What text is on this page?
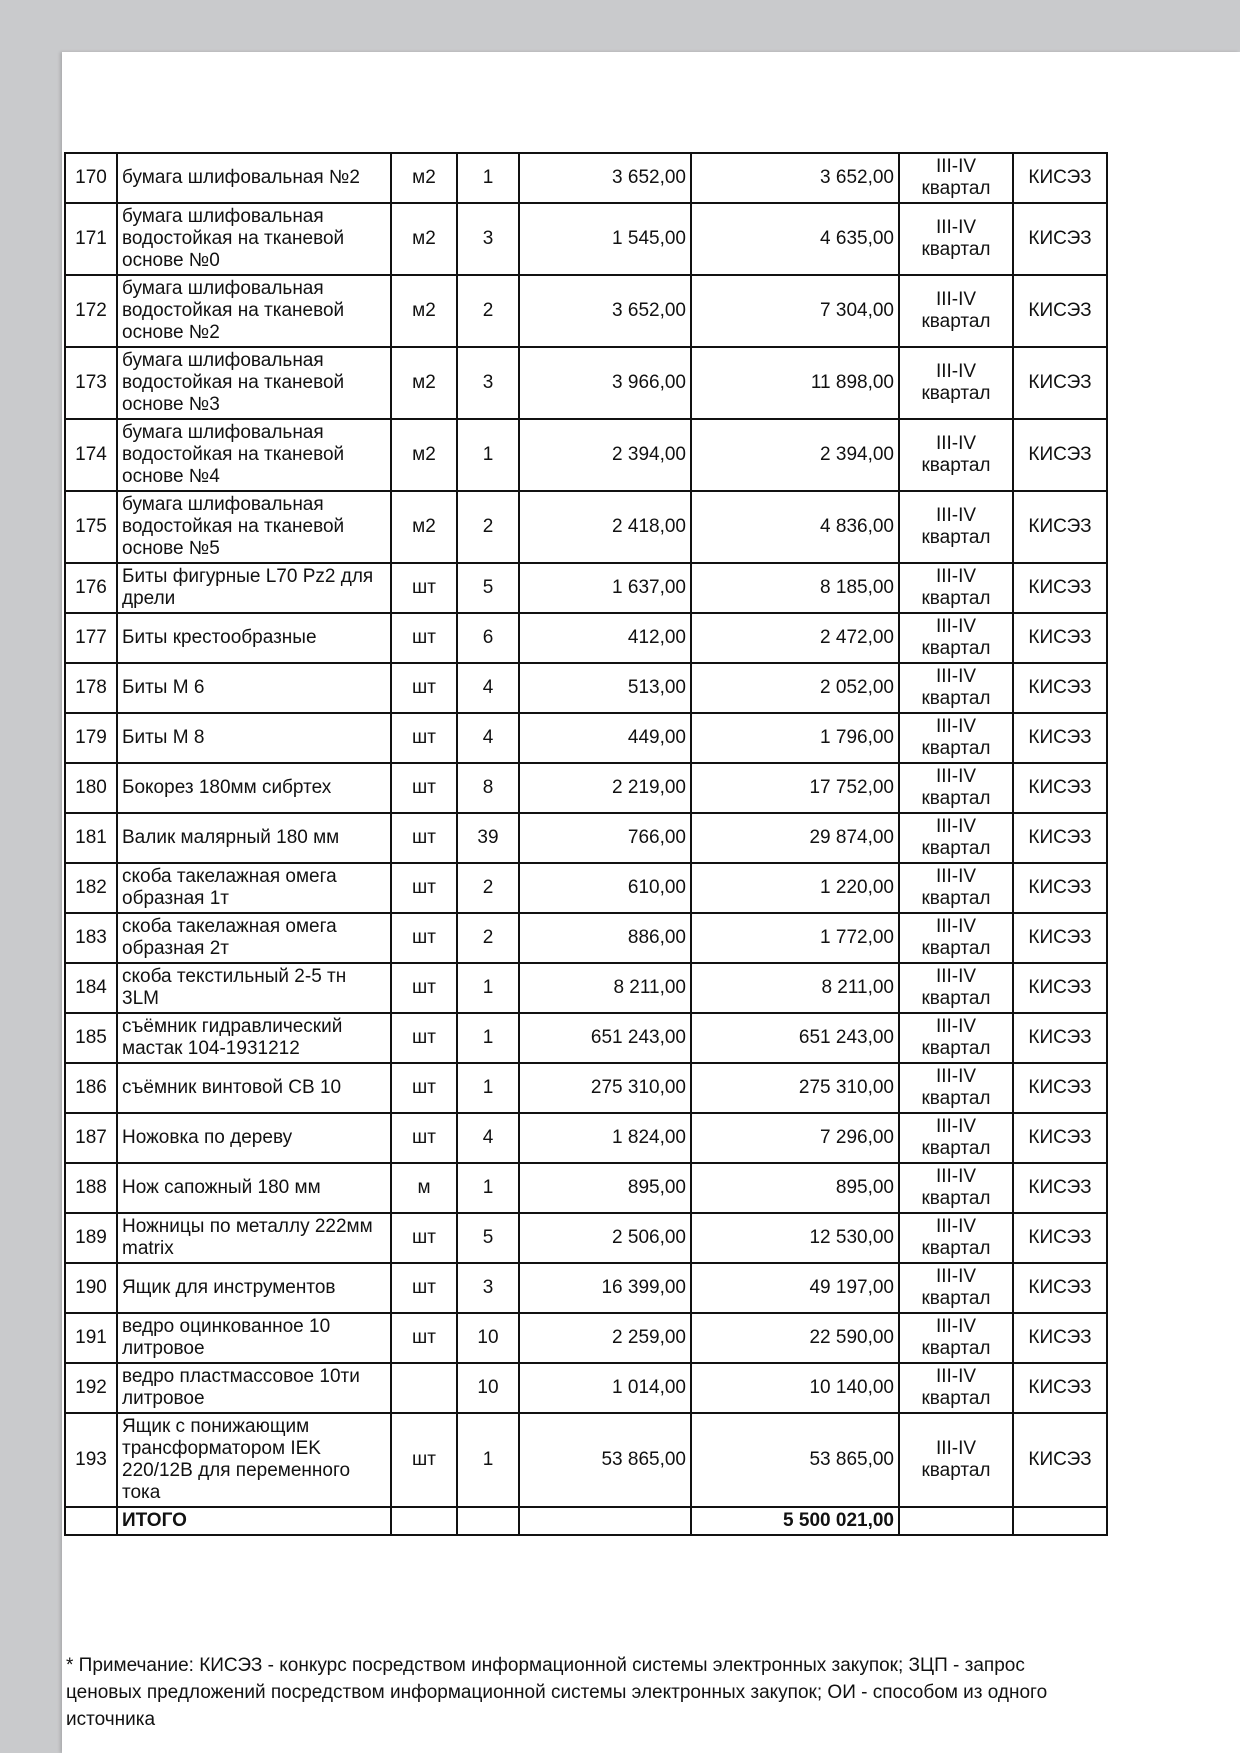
170	бумага шлифовальная №2	м2	1	3 652,00	3 652,00	III-IV квартал	КИСЭЗ
171	бумага шлифовальная водостойкая на тканевой основе №0	м2	3	1 545,00	4 635,00	III-IV квартал	КИСЭЗ
172	бумага шлифовальная водостойкая на тканевой основе №2	м2	2	3 652,00	7 304,00	III-IV квартал	КИСЭЗ
173	бумага шлифовальная водостойкая на тканевой основе №3	м2	3	3 966,00	11 898,00	III-IV квартал	КИСЭЗ
174	бумага шлифовальная водостойкая на тканевой основе №4	м2	1	2 394,00	2 394,00	III-IV квартал	КИСЭЗ
175	бумага шлифовальная водостойкая на тканевой основе №5	м2	2	2 418,00	4 836,00	III-IV квартал	КИСЭЗ
176	Биты фигурные L70 Pz2 для дрели	шт	5	1 637,00	8 185,00	III-IV квартал	КИСЭЗ
177	Биты крестообразные	шт	6	412,00	2 472,00	III-IV квартал	КИСЭЗ
178	Биты М 6	шт	4	513,00	2 052,00	III-IV квартал	КИСЭЗ
179	Биты М 8	шт	4	449,00	1 796,00	III-IV квартал	КИСЭЗ
180	Бокорез 180мм сибртех	шт	8	2 219,00	17 752,00	III-IV квартал	КИСЭЗ
181	Валик малярный 180 мм	шт	39	766,00	29 874,00	III-IV квартал	КИСЭЗ
182	скоба такелажная омега образная 1т	шт	2	610,00	1 220,00	III-IV квартал	КИСЭЗ
183	скоба такелажная омега образная 2т	шт	2	886,00	1 772,00	III-IV квартал	КИСЭЗ
184	скоба текстильный 2-5 тн 3LM	шт	1	8 211,00	8 211,00	III-IV квартал	КИСЭЗ
185	съёмник гидравлический мастак 104-1931212	шт	1	651 243,00	651 243,00	III-IV квартал	КИСЭЗ
186	съёмник винтовой СВ 10	шт	1	275 310,00	275 310,00	III-IV квартал	КИСЭЗ
187	Ножовка по дереву	шт	4	1 824,00	7 296,00	III-IV квартал	КИСЭЗ
188	Нож сапожный 180 мм	м	1	895,00	895,00	III-IV квартал	КИСЭЗ
189	Ножницы по металлу 222мм matrix	шт	5	2 506,00	12 530,00	III-IV квартал	КИСЭЗ
190	Ящик для инструментов	шт	3	16 399,00	49 197,00	III-IV квартал	КИСЭЗ
191	ведро оцинкованное 10 литровое	шт	10	2 259,00	22 590,00	III-IV квартал	КИСЭЗ
192	ведро пластмассовое 10ти литровое		10	1 014,00	10 140,00	III-IV квартал	КИСЭЗ
193	Ящик с понижающим трансформатором IEK 220/12В для переменного тока	шт	1	53 865,00	53 865,00	III-IV квартал	КИСЭЗ
	ИТОГО				5 500 021,00		
* Примечание: КИСЭЗ - конкурс посредством информационной системы электронных закупок; ЗЦП - запрос ценовых предложений посредством информационной системы электронных закупок; ОИ - способом из одного источника
